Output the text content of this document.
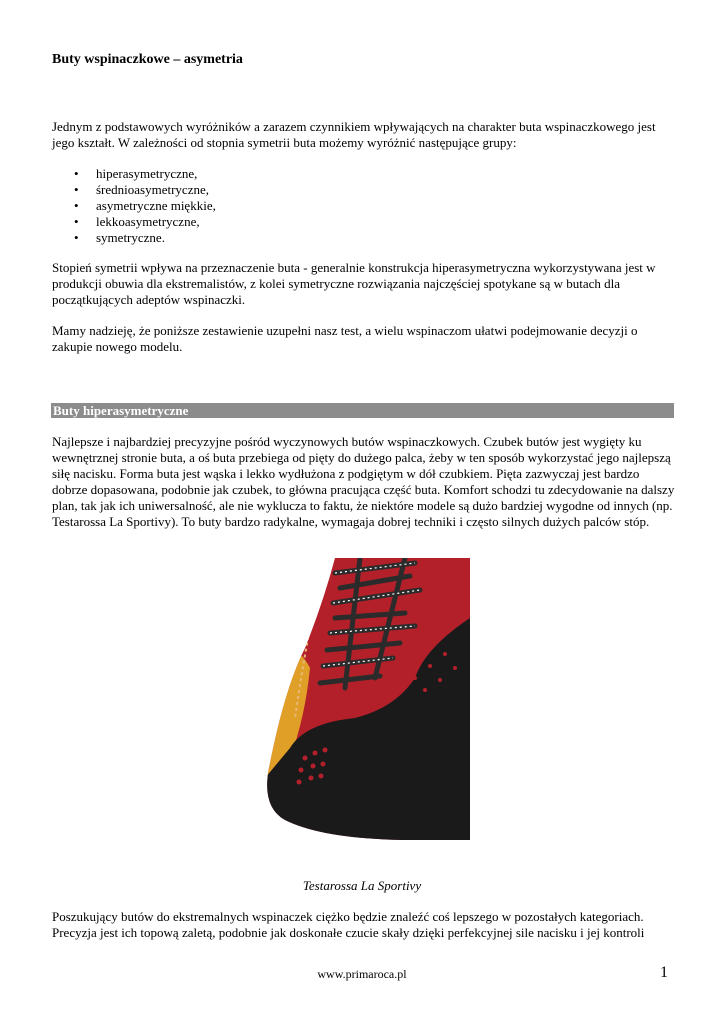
Buty wspinaczkowe – asymetria

Jednym z podstawowych wyróżników a zarazem czynnikiem wpływających na charakter buta wspinaczkowego jest jego kształt. W zależności od stopnia symetrii buta możemy wyróżnić następujące grupy:

• hiperasymetryczne,
• średnioasymetryczne,
• asymetryczne miękkie,
• lekkoasymetryczne,
• symetryczne.

Stopień symetrii wpływa na przeznaczenie buta - generalnie konstrukcja hiperasymetryczna wykorzystywana jest w produkcji obuwia dla ekstremalistów, z kolei symetryczne rozwiązania najczęściej spotykane są w butach dla początkujących adeptów wspinaczki.

Mamy nadzieję, że poniższe zestawienie uzupełni nasz test, a wielu wspinaczom ułatwi podejmowanie decyzji o zakupie nowego modelu.

Buty hiperasymetryczne

Najlepsze i najbardziej precyzyjne pośród wyczynowych butów wspinaczkowych. Czubek butów jest wygięty ku wewnętrznej stronie buta, a oś buta przebiega od pięty do dużego palca, żeby w ten sposób wykorzystać jego najlepszą siłę nacisku. Forma buta jest wąska i lekko wydłużona z podgiętym w dół czubkiem. Pięta zazwyczaj jest bardzo dobrze dopasowana, podobnie jak czubek, to główna pracująca część buta. Komfort schodzi tu zdecydowanie na dalszy plan, tak jak ich uniwersalność, ale nie wyklucza to faktu, że niektóre modele są dużo bardziej wygodne od innych (np. Testarossa La Sportivy). To buty bardzo radykalne, wymagaja dobrej techniki i często silnych dużych palców stóp.

Testarossa La Sportivy

Poszukujący butów do ekstremalnych wspinaczek ciężko będzie znaleźć coś lepszego w pozostałych kategoriach. Precyzja jest ich topową zaletą, podobnie jak doskonałe czucie skały dzięki perfekcyjnej sile nacisku i jej kontroli

www.primaroca.pl	1
